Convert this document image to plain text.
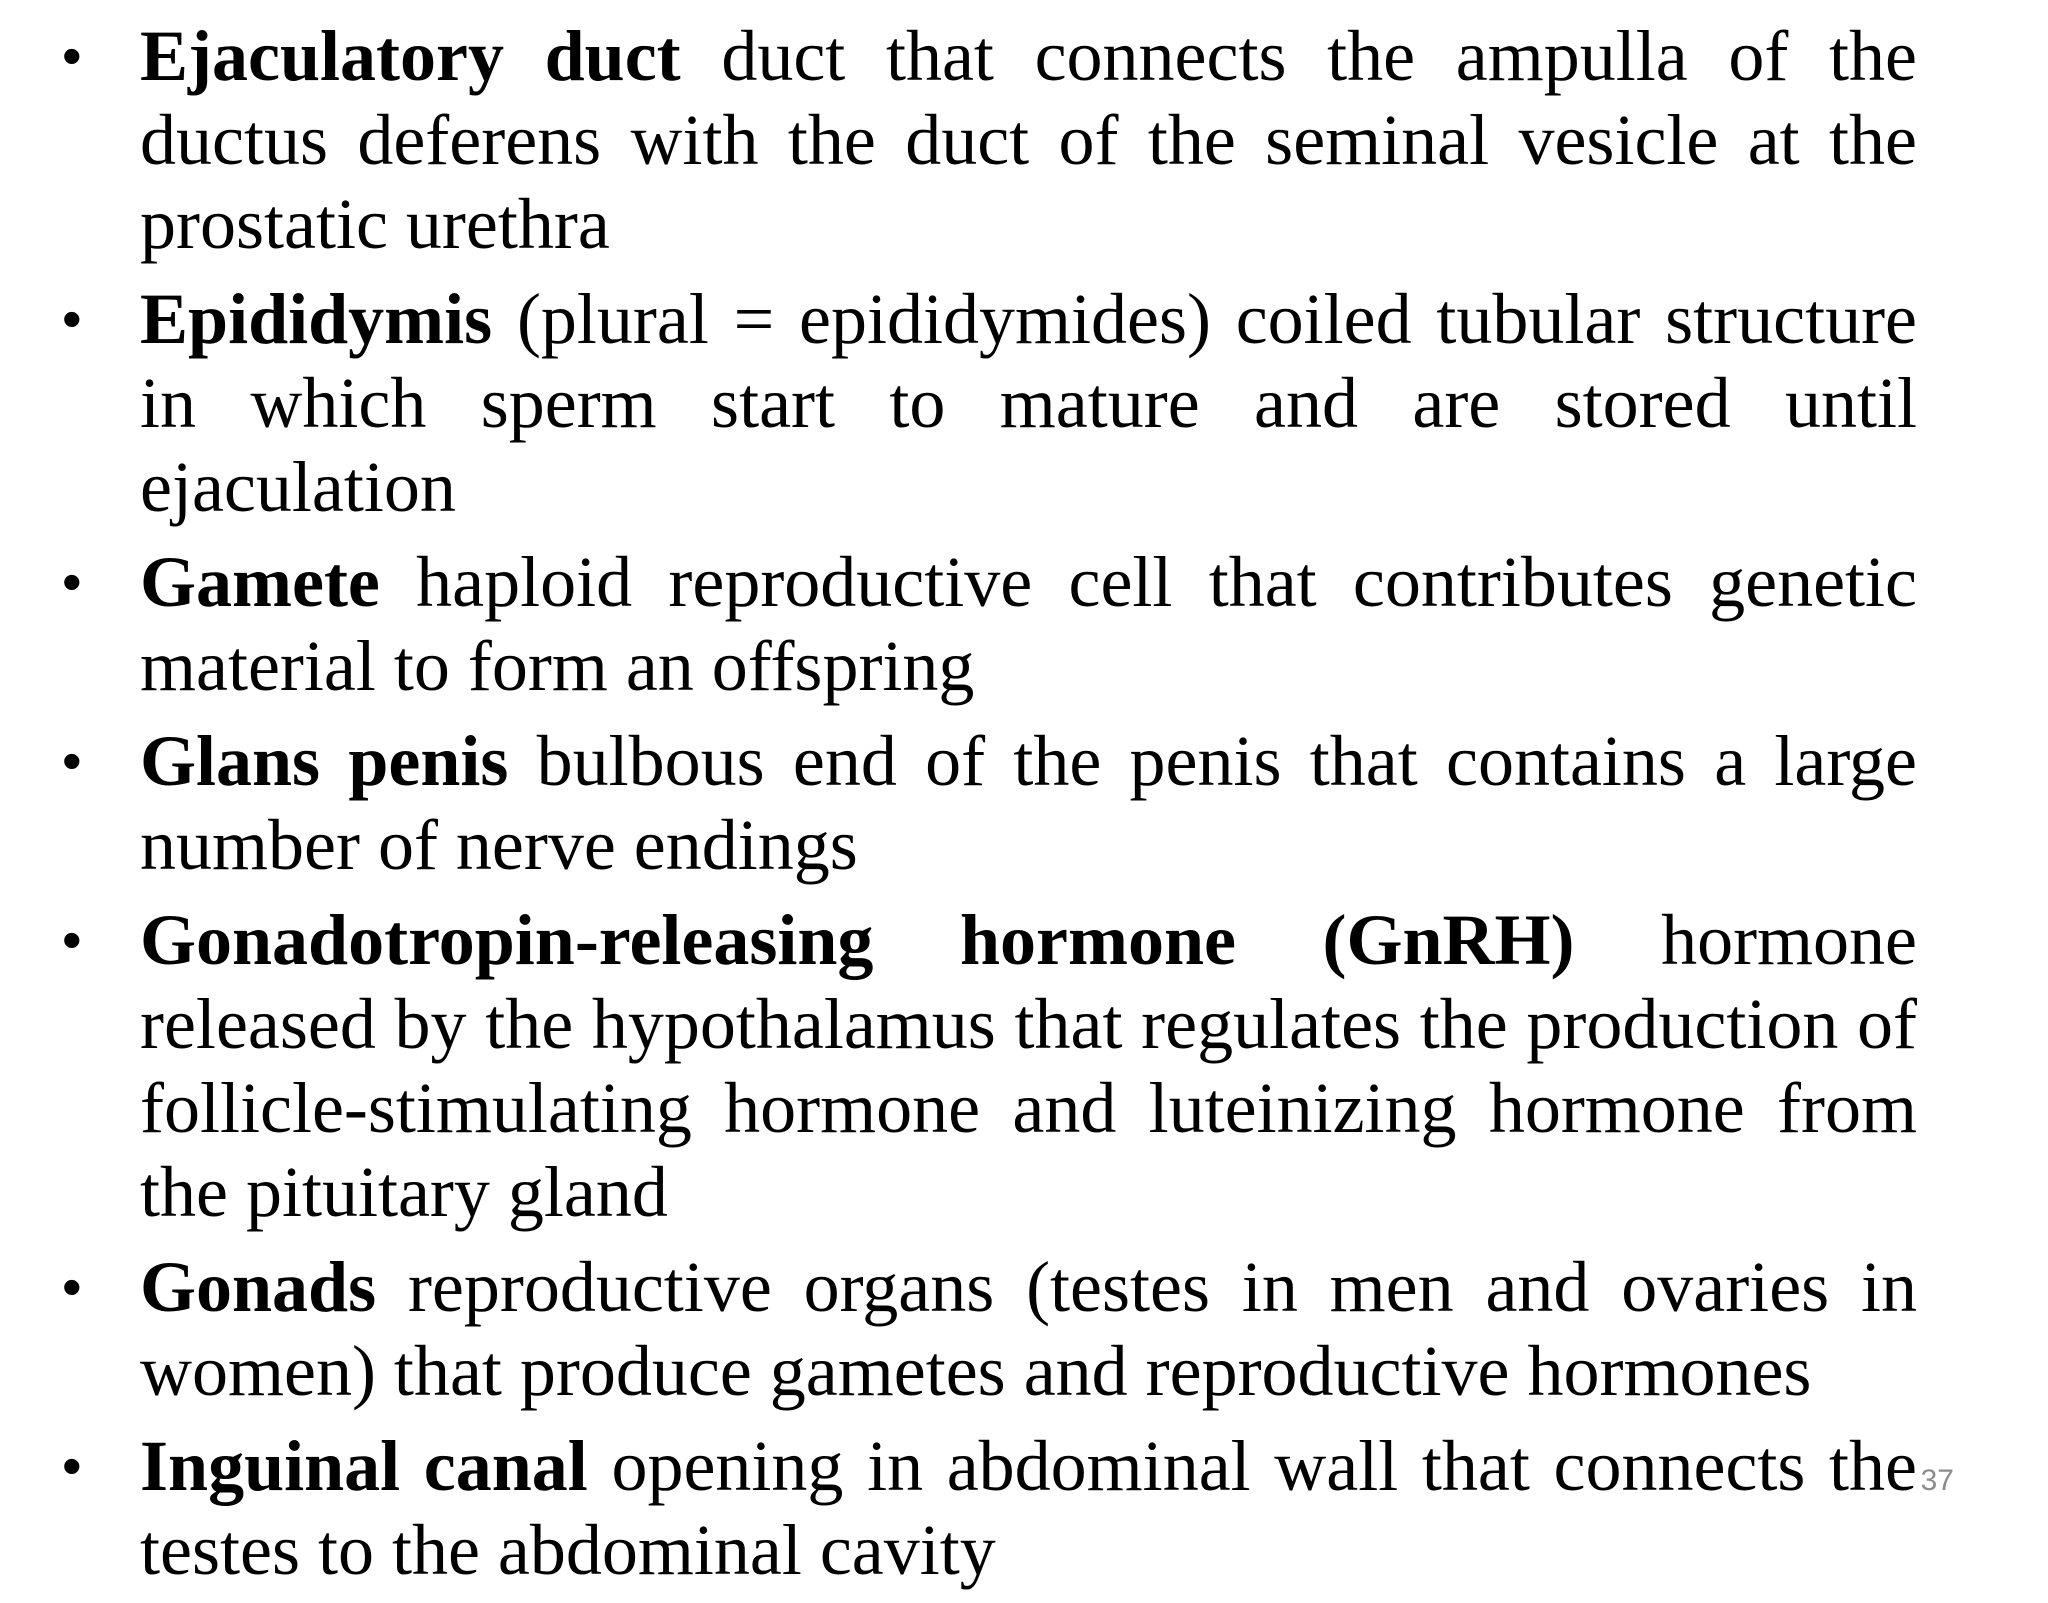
• Ejaculatory duct duct that connects the ampulla of the ductus deferens with the duct of the seminal vesicle at the prostatic urethra
• Epididymis (plural = epididymides) coiled tubular structure in which sperm start to mature and are stored until ejaculation
• Gamete haploid reproductive cell that contributes genetic material to form an offspring
• Glans penis bulbous end of the penis that contains a large number of nerve endings
• Gonadotropin-releasing hormone (GnRH) hormone released by the hypothalamus that regulates the production of follicle-stimulating hormone and luteinizing hormone from the pituitary gland
• Gonads reproductive organs (testes in men and ovaries in women) that produce gametes and reproductive hormones
• Inguinal canal opening in abdominal wall that connects the testes to the abdominal cavity
37
